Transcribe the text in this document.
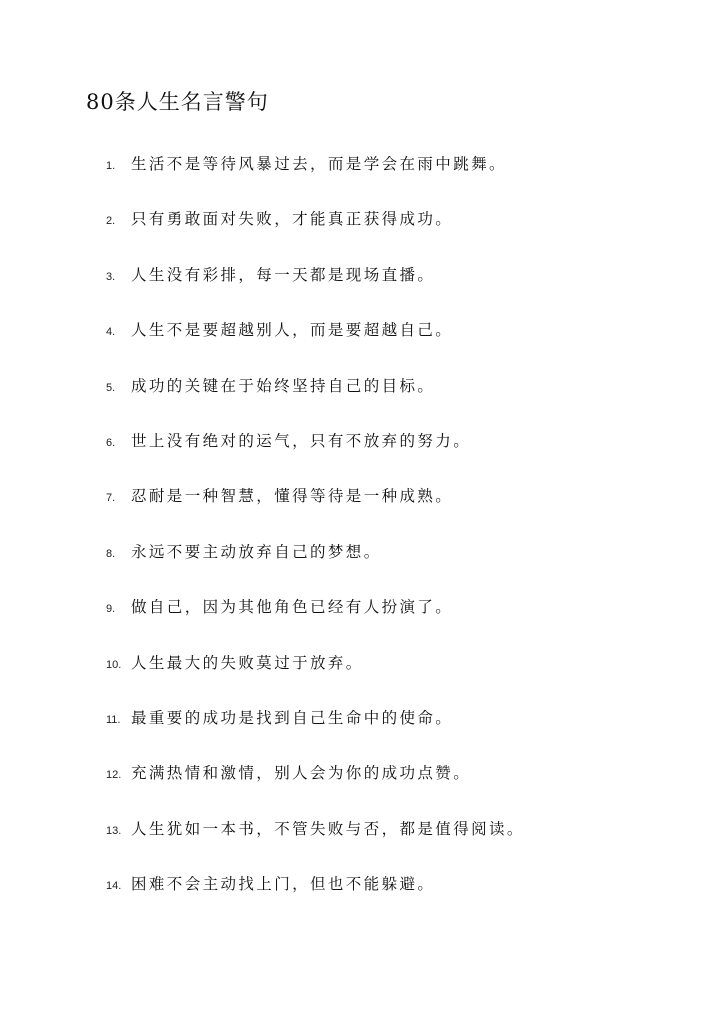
80条人生名言警句
1.	生活不是等待风暴过去，而是学会在雨中跳舞。
2.	只有勇敢面对失败，才能真正获得成功。
3.	人生没有彩排，每一天都是现场直播。
4.	人生不是要超越别人，而是要超越自己。
5.	成功的关键在于始终坚持自己的目标。
6.	世上没有绝对的运气，只有不放弃的努力。
7.	忍耐是一种智慧，懂得等待是一种成熟。
8.	永远不要主动放弃自己的梦想。
9.	做自己，因为其他角色已经有人扮演了。
10. 人生最大的失败莫过于放弃。
11. 最重要的成功是找到自己生命中的使命。
12. 充满热情和激情，别人会为你的成功点赞。
13. 人生犹如一本书，不管失败与否，都是值得阅读。
14. 困难不会主动找上门，但也不能躲避。
